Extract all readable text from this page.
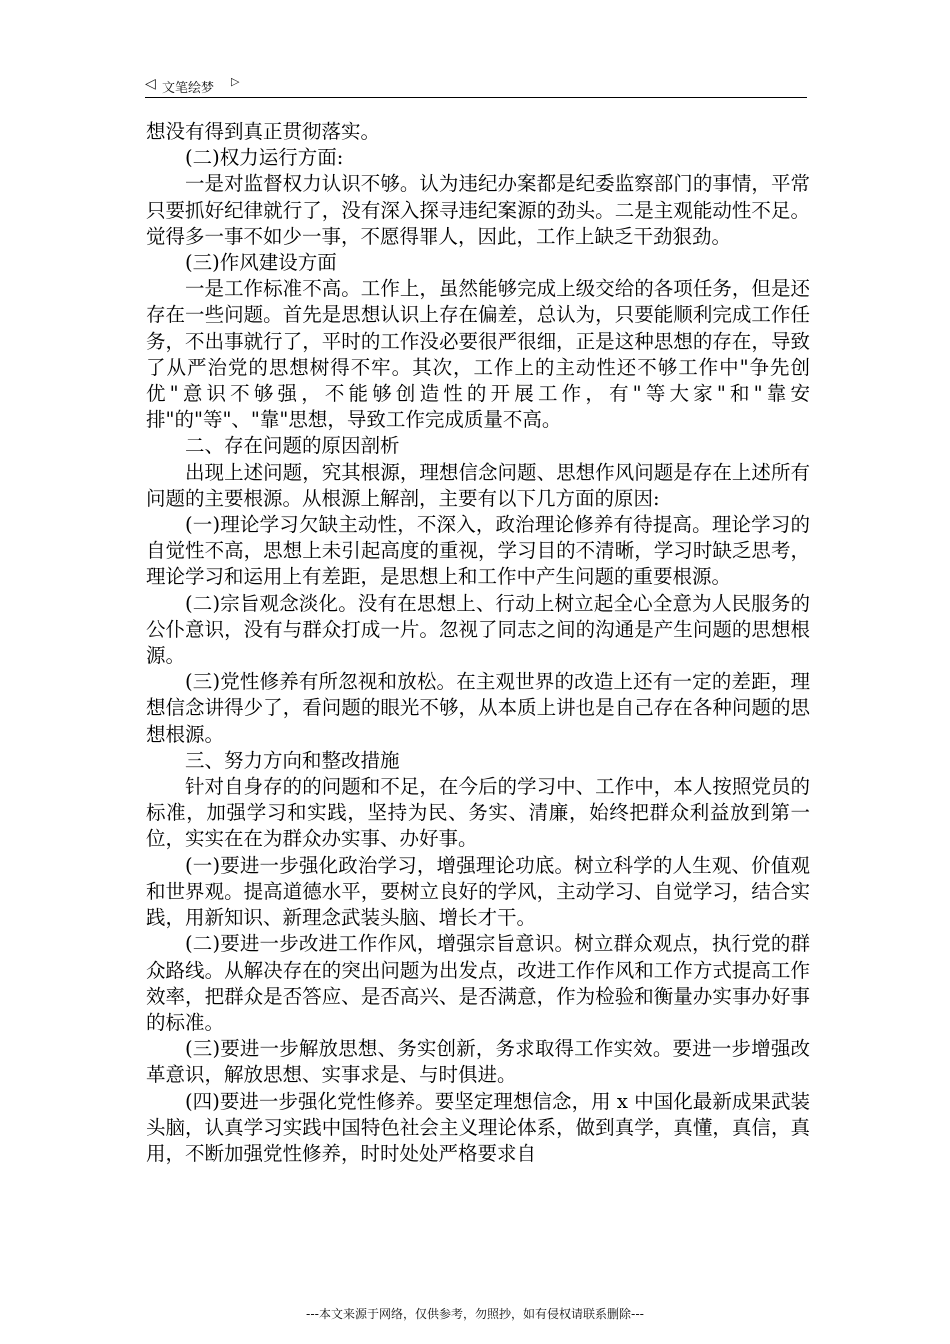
◁ 文笔绘梦 ▷

想没有得到真正贯彻落实。

(二)权力运行方面:

一是对监督权力认识不够。认为违纪办案都是纪委监察部门的事情，平常只要抓好纪律就行了，没有深入探寻违纪案源的劲头。二是主观能动性不足。觉得多一事不如少一事，不愿得罪人，因此，工作上缺乏干劲狠劲。

(三)作风建设方面

一是工作标准不高。工作上，虽然能够完成上级交给的各项任务，但是还存在一些问题。首先是思想认识上存在偏差，总认为，只要能顺利完成工作任务，不出事就行了，平时的工作没必要很严很细，正是这种思想的存在，导致了从严治党的思想树得不牢。其次，工作上的主动性还不够工作中"争先创优"意识不够强，不能够创造性的开展工作，有"等大家"和"靠安排"的"等"、"靠"思想，导致工作完成质量不高。

二、存在问题的原因剖析

出现上述问题，究其根源，理想信念问题、思想作风问题是存在上述所有问题的主要根源。从根源上解剖，主要有以下几方面的原因:

(一)理论学习欠缺主动性，不深入，政治理论修养有待提高。理论学习的自觉性不高，思想上未引起高度的重视，学习目的不清晰，学习时缺乏思考，理论学习和运用上有差距，是思想上和工作中产生问题的重要根源。

(二)宗旨观念淡化。没有在思想上、行动上树立起全心全意为人民服务的公仆意识，没有与群众打成一片。忽视了同志之间的沟通是产生问题的思想根源。

(三)党性修养有所忽视和放松。在主观世界的改造上还有一定的差距，理想信念讲得少了，看问题的眼光不够，从本质上讲也是自己存在各种问题的思想根源。

三、努力方向和整改措施

针对自身存的的问题和不足，在今后的学习中、工作中，本人按照党员的标准，加强学习和实践，坚持为民、务实、清廉，始终把群众利益放到第一位，实实在在为群众办实事、办好事。

(一)要进一步强化政治学习，增强理论功底。树立科学的人生观、价值观和世界观。提高道德水平，要树立良好的学风，主动学习、自觉学习，结合实践，用新知识、新理念武装头脑、增长才干。

(二)要进一步改进工作作风，增强宗旨意识。树立群众观点，执行党的群众路线。从解决存在的突出问题为出发点，改进工作作风和工作方式提高工作效率，把群众是否答应、是否高兴、是否满意，作为检验和衡量办实事办好事的标准。

(三)要进一步解放思想、务实创新，务求取得工作实效。要进一步增强改革意识，解放思想、实事求是、与时俱进。

(四)要进一步强化党性修养。要坚定理想信念，用 x 中国化最新成果武装头脑，认真学习实践中国特色社会主义理论体系，做到真学，真懂，真信，真用，不断加强党性修养，时时处处严格要求自

---本文来源于网络，仅供参考，勿照抄，如有侵权请联系删除---
